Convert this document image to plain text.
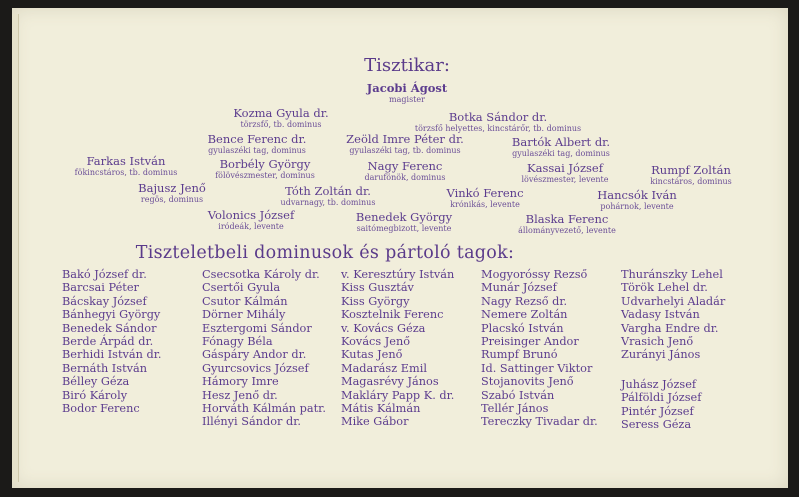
Tisztikar:
Jacobi Ágost
magister
Kozma Gyula dr.
törzsfő, tb. dominus
Botka Sándor dr.
törzsfő helyettes, kincstárőr, tb. dominus
Bence Ferenc dr.
gyulaszéki tag, dominus
Zeöld Imre Péter dr.
gyulaszéki tag, tb. dominus
Bartók Albert dr.
gyulaszéki tag, dominus
Farkas István
fökincstáros, tb. dominus
Borbély György
fölövészmester, dominus
Nagy Ferenc
darufönök, dominus
Kassai József
lövészmester, levente
Rumpf Zoltán
kincstáros, dominus
Bajusz Jenő
regös, dominus
Tóth Zoltán dr.
udvarnagy, tb. dominus
Vinkó Ferenc
krónikás, levente
Hancsók Iván
pohárnok, levente
Volonics József
iródeák, levente
Benedek György
saitómegbizott, levente
Blaska Ferenc
állományvezető, levente
Tiszteletbeli dominusok és pártoló tagok:
Bakó József dr.
Barcsai Péter
Bácskay József
Bánhegyi György
Benedek Sándor
Berde Árpád dr.
Berhidi István dr.
Bernáth István
Bélley Géza
Biró Károly
Bodor Ferenc
Csecsotka Károly dr.
Csertői Gyula
Csutor Kálmán
Dörner Mihály
Esztergomi Sándor
Fónagy Béla
Gáspáry Andor dr.
Gyurcsovics József
Hámory Imre
Hesz Jenő dr.
Horváth Kálmán patr.
Illényi Sándor dr.
v. Keresztúry István
Kiss Gusztáv
Kiss György
Kosztelnik Ferenc
v. Kovács Géza
Kovács Jenő
Kutas Jenő
Madarász Emil
Magasrévy János
Makláry Papp K. dr.
Mátis Kálmán
Mike Gábor
Mogyoróssy Rezső
Munár József
Nagy Rezső dr.
Nemere Zoltán
Placskó István
Preisinger Andor
Rumpf Brunó
Id. Sattinger Viktor
Stojanovits Jenő
Szabó István
Tellér János
Tereczky Tivadar dr.
Thuránszky Lehel
Török Lehel dr.
Udvarhelyi Aladár
Vadasy István
Vargha Endre dr.
Vrasich Jenő
Zurányi János
Juhász József
Pálföldi József
Pintér József
Seress Géza
